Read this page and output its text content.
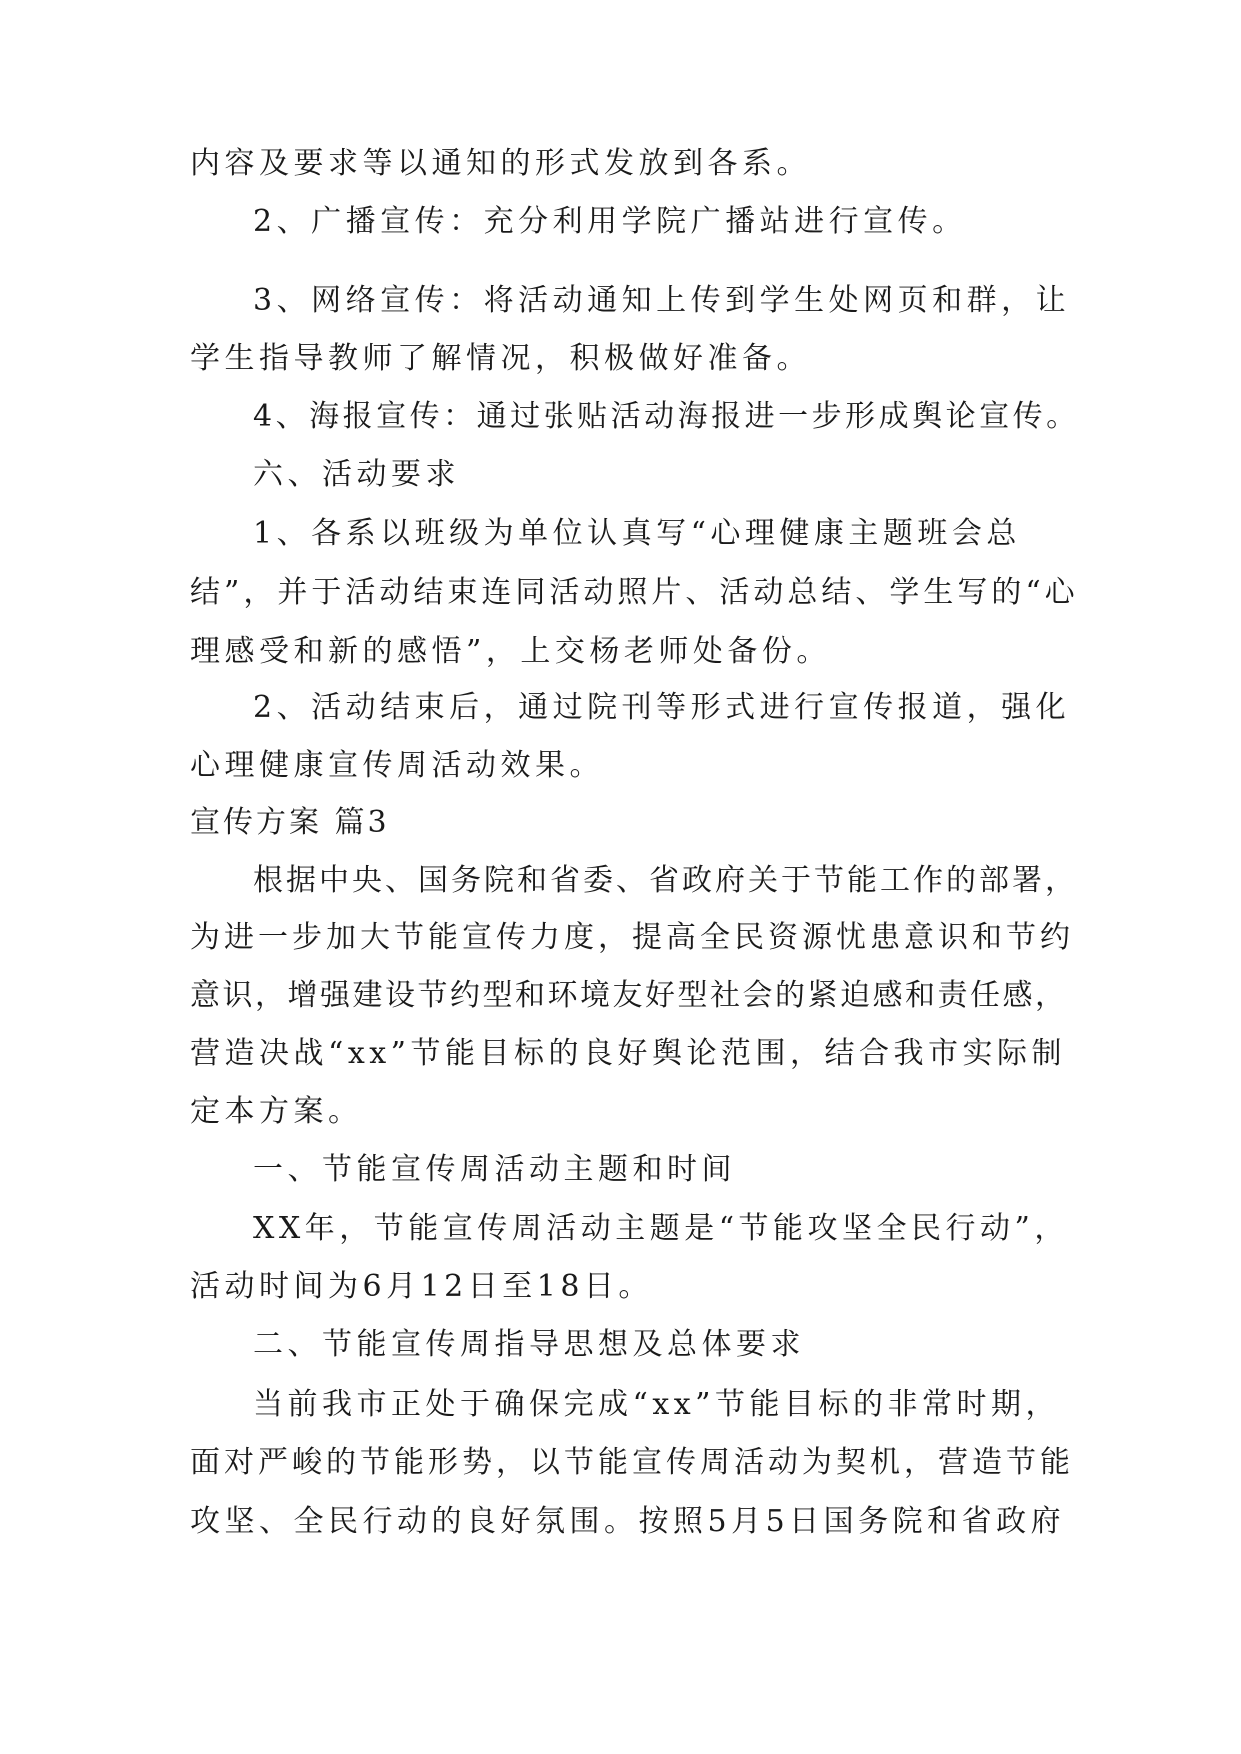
内容及要求等以通知的形式发放到各系。

2、广播宣传：充分利用学院广播站进行宣传。

3、网络宣传：将活动通知上传到学生处网页和群，让

学生指导教师了解情况，积极做好准备。

4、海报宣传：通过张贴活动海报进一步形成舆论宣传。

六、活动要求

1、各系以班级为单位认真写“心理健康主题班会总

结”，并于活动结束连同活动照片、活动总结、学生写的“心

理感受和新的感悟”，上交杨老师处备份。

2、活动结束后，通过院刊等形式进行宣传报道，强化

心理健康宣传周活动效果。

宣传方案 篇3

根据中央、国务院和省委、省政府关于节能工作的部署，

为进一步加大节能宣传力度，提高全民资源忧患意识和节约

意识，增强建设节约型和环境友好型社会的紧迫感和责任感，

营造决战“xx”节能目标的良好舆论范围，结合我市实际制

定本方案。

一、节能宣传周活动主题和时间

XX年，节能宣传周活动主题是“节能攻坚全民行动”，

活动时间为6月12日至18日。

二、节能宣传周指导思想及总体要求

当前我市正处于确保完成“xx”节能目标的非常时期，

面对严峻的节能形势，以节能宣传周活动为契机，营造节能

攻坚、全民行动的良好氛围。按照5月5日国务院和省政府
